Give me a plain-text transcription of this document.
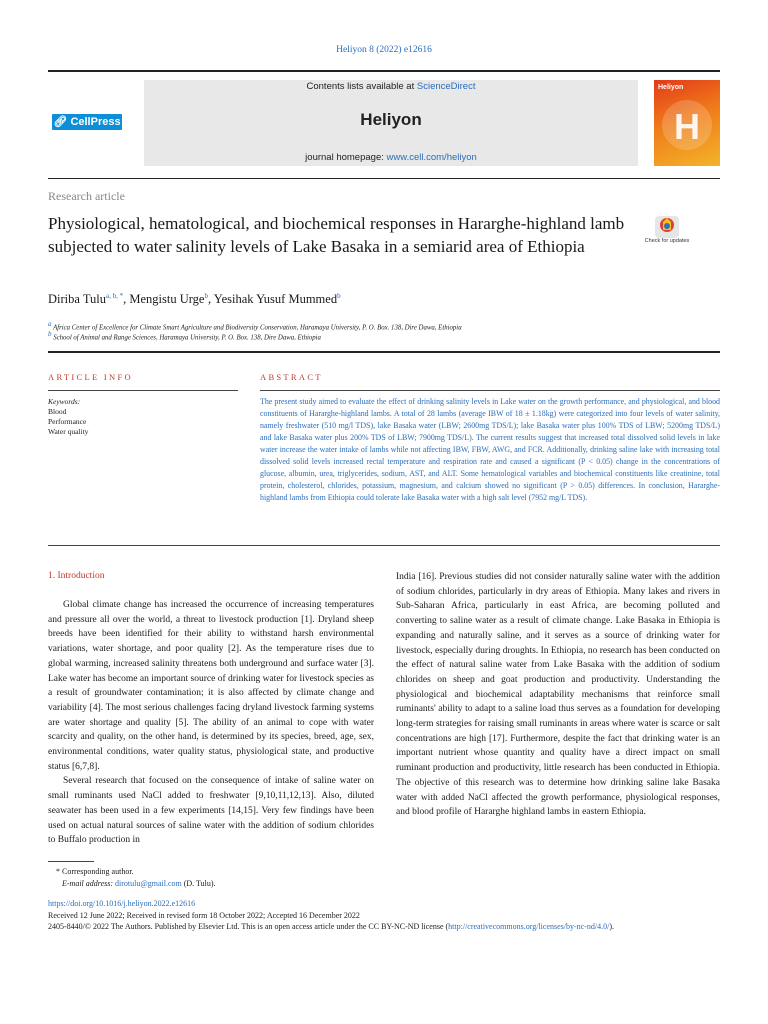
Heliyon 8 (2022) e12616
🔗︎ CellPress
Contents lists available at ScienceDirect
Heliyon
journal homepage: www.cell.com/heliyon
Heliyon
H
Research article
Physiological, hematological, and biochemical responses in Hararghe-highland lamb subjected to water salinity levels of Lake Basaka in a semiarid area of Ethiopia	Check for updates
Diriba Tulu$^{a, b, *}$, Mengistu Urge$^b$, Yesihak Yusuf Mummed$^b$
$^a$ Africa Center of Excellence for Climate Smart Agriculture and Biodiversity Conservation, Haramaya University, P. O. Box. 138, Dire Dawa, Ethiopia
$^b$ School of Animal and Range Sciences, Haramaya University, P. O. Box. 138, Dire Dawa, Ethiopia
ARTICLE INFO	ABSTRACT
Keywords:
Blood
Performance
Water quality
The present study aimed to evaluate the effect of drinking salinity levels in Lake water on the growth performance, and physiological, and blood constituents of Hararghe-highland lambs. A total of 28 lambs (average IBW of 18 ± 1.18kg) were categorized into four levels of water salinity, namely freshwater (510 mg/l TDS), lake Basaka water (LBW; 2600mg TDS/L); lake Basaka water plus 100% TDS of LBW; 5200mg TDS/L) and lake Basaka water plus 200% TDS of LBW; 7900mg TDS/L). The current results suggest that increased total dissolved solid levels in lake water increase the water intake of lambs while not affecting IBW, FBW, AWG, and FCR. Additionally, drinking saline lake with increasing total dissolved solid levels increased rectal temperature and respiration rate and caused a significant (P < 0.05) change in the concentrations of glucose, albumin, urea, triglycerides, sodium, AST, and ALT. Some hematological variables and biochemical constituents like creatinine, total protein, cholesterol, chlorides, potassium, magnesium, and calcium showed no significant (P > 0.05) differences. In conclusion, Hararghe-highland lambs from Ethiopia could tolerate lake Basaka water with a high salt level (7952 mg/L TDS).
1. Introduction

Global climate change has increased the occurrence of increasing temperatures and pressure all over the world, a threat to livestock production [1]. Dryland sheep breeds have been identified for their ability to withstand harsh environmental variations, water shortage, and poor quality [2]. As the temperature rises due to global warming, increased salinity threatens both underground and surface water [3]. Lake water has become an important source of drinking water for livestock species as a result of groundwater contamination; it is also affected by climate change and variability [4]. The most serious challenges facing dryland livestock farming systems are water shortage and quality [5]. The ability of an animal to cope with water scarcity and quality, on the other hand, is determined by its species, breed, age, sex, environmental conditions, water quality status, physiological state, and productive status [6,7,8].

Several research that focused on the consequence of intake of saline water on small ruminants used NaCl added to freshwater [9,10,11,12,13]. Also, diluted seawater has been used in a few experiments [14,15]. Very few findings have been used on actual natural sources of saline water with the addition of sodium chlorides to Buffalo production in

India [16]. Previous studies did not consider naturally saline water with the addition of sodium chlorides, particularly in dry areas of Ethiopia. Many lakes and rivers in Sub-Saharan Africa, particularly in east Africa, are becoming polluted and converting to saline water as a result of climate change. Lake Basaka in Ethiopia is expanding and naturally saline, and it serves as a source of drinking water for livestock, especially during droughts. In Ethiopia, no research has been conducted on the effect of natural saline water from Lake Basaka with the addition of sodium chlorides on sheep and goat production and productivity. Understanding the physiological and biochemical adaptability mechanisms that reinforce small ruminants' ability to adapt to a saline load thus serves as a foundation for developing long-term strategies for raising small ruminants in areas where water is scarce or salt concentrations are high [17]. Furthermore, despite the fact that drinking water is an important nutrient whose quantity and quality have a direct impact on small ruminant production and productivity, little research has been conducted in Ethiopia. The objective of this research was to determine how drinking saline lake Basaka water with added NaCl affected the growth performance, physiological responses, and blood profile of Hararghe highland lambs in eastern Ethiopia.

* Corresponding author.
E-mail address: dirotulu@gmail.com (D. Tulu).
https://doi.org/10.1016/j.heliyon.2022.e12616
Received 12 June 2022; Received in revised form 18 October 2022; Accepted 16 December 2022
2405-8440/© 2022 The Authors. Published by Elsevier Ltd. This is an open access article under the CC BY-NC-ND license (http://creativecommons.org/licenses/by-nc-nd/4.0/).
